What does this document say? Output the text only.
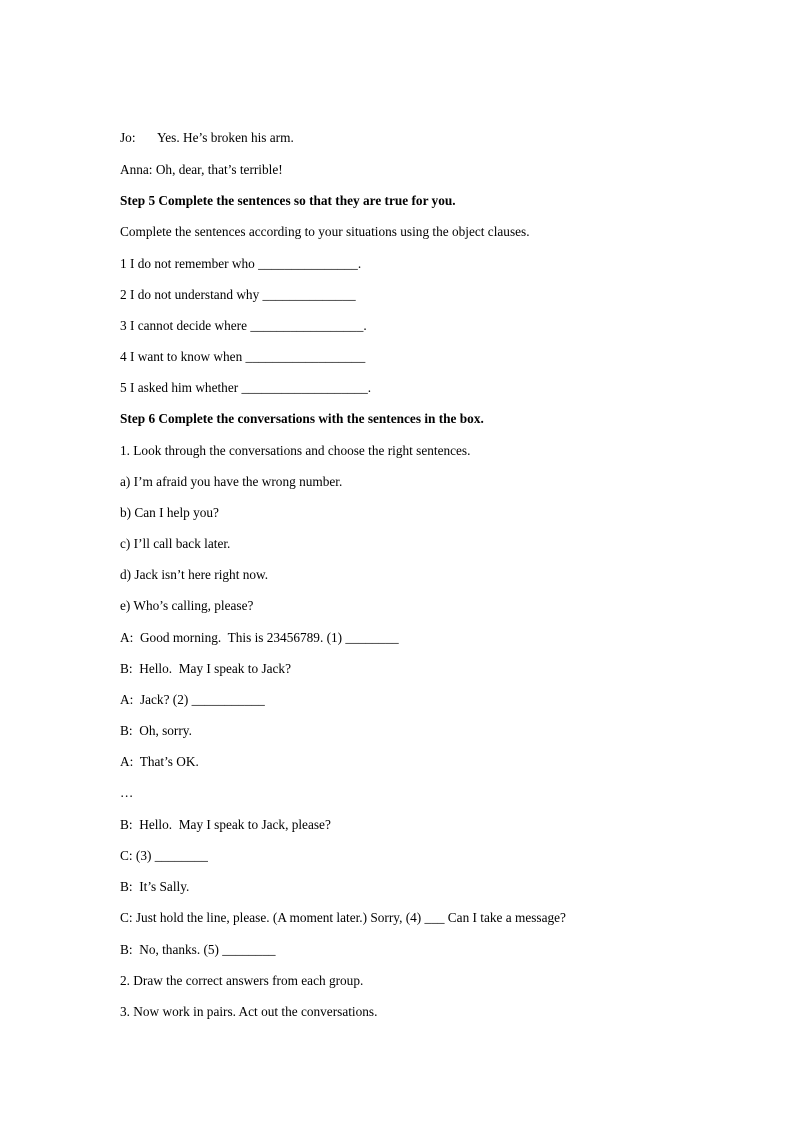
Jo: Yes. He’s broken his arm.
Anna: Oh, dear, that’s terrible!
Step 5 Complete the sentences so that they are true for you.
Complete the sentences according to your situations using the object clauses.
1 I do not remember who _______________.
2 I do not understand why ______________
3 I cannot decide where _________________.
4 I want to know when __________________
5 I asked him whether ___________________.
Step 6 Complete the conversations with the sentences in the box.
1. Look through the conversations and choose the right sentences.
a) I’m afraid you have the wrong number.
b) Can I help you?
c) I’ll call back later.
d) Jack isn’t here right now.
e) Who’s calling, please?
A:  Good morning.  This is 23456789. (1) ________
B:  Hello.  May I speak to Jack?
A:  Jack? (2) ___________
B:  Oh, sorry.
A:  That’s OK.
…
B:  Hello.  May I speak to Jack, please?
C: (3) ________
B:  It’s Sally.
C: Just hold the line, please. (A moment later.) Sorry, (4) ___ Can I take a message?
B:  No, thanks. (5) ________
2. Draw the correct answers from each group.
3. Now work in pairs. Act out the conversations.
